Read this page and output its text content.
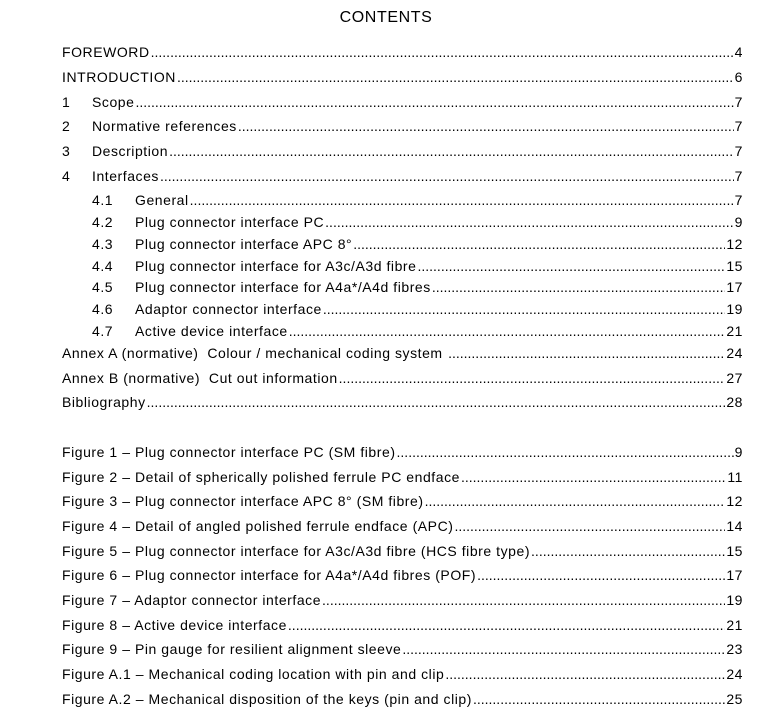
CONTENTS
FOREWORD .....	4
INTRODUCTION .....	6
1	Scope .....	7
2	Normative references .....	7
3	Description .....	7
4	Interfaces .....	7
4.1	General .....	7
4.2	Plug connector interface PC .....	9
4.3	Plug connector interface APC 8° .....	12
4.4	Plug connector interface for A3c/A3d fibre .....	15
4.5	Plug connector interface for A4a*/A4d fibres .....	17
4.6	Adaptor connector interface .....	19
4.7	Active device interface .....	21
Annex A (normative)  Colour / mechanical coding system .....	24
Annex B (normative)  Cut out information .....	27
Bibliography .....	28
Figure 1 – Plug connector interface PC (SM fibre) .....	9
Figure 2 – Detail of spherically polished ferrule PC endface .....	11
Figure 3 – Plug connector interface APC 8° (SM fibre) .....	12
Figure 4 – Detail of angled polished ferrule endface (APC) .....	14
Figure 5 – Plug connector interface for A3c/A3d fibre (HCS fibre type) .....	15
Figure 6 – Plug connector interface for A4a*/A4d fibres (POF) .....	17
Figure 7 – Adaptor connector interface .....	19
Figure 8 – Active device interface .....	21
Figure 9 – Pin gauge for resilient alignment sleeve .....	23
Figure A.1 – Mechanical coding location with pin and clip .....	24
Figure A.2 – Mechanical disposition of the keys (pin and clip) .....	25
